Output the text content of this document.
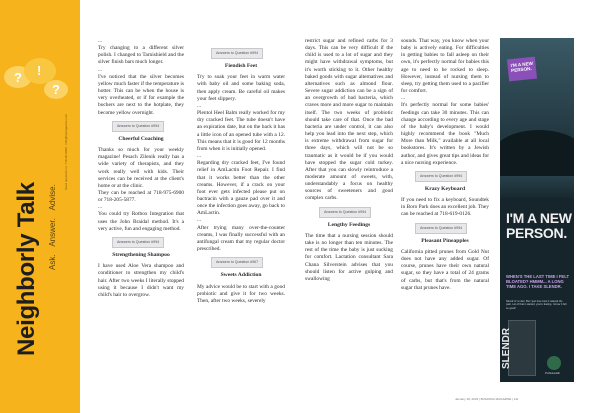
? !
?
Neighborly Talk Ask. Answer. Advise.
Send questions to: 718-00-0000 · info@bpmagazine.com

...

Try changing to a different silver polish. I changed to Tarnishield and the silver finish bars much longer.

...

I've noticed that the silver becomes yellow much faster if the temperature is hotter. This can be when the house is very overheated, or if for example the bochers are next to the hotplate, they become yellow overnight.

Answers to Question #994
Cheerful Coaching

Thanks so much for your weekly magazine! Pesach Zilenik really has a wide variety of therapists, and they work really well with kids. Their services can be received at the client's home or at the clinic.

They can be reached at 718-975-6900 or 718-205-5877.

...

You could try Rotbox Integration that uses the John Braidal method. It's a very active, fun and engaging method.

Answers to Question #994
Strengthening Shampoo

I have used Aloe Vera shampoo and conditioner to strengthen my child's hair. After two weeks I literally stopped using it because I didn't want my child's hair to overgrow.

Answers to Question #994
Fiendish Feet

Try to soak your feet in warm water with baby oil and some baking soda, then apply cream. Be careful oil makes your feet slippery.

...

Plentol Heel Balm really worked for my dry cracked feet. The tube doesn't have an expiration date, but on the back it has a little icon of an opened tube with a 12. This means that it is good for 12 months from when it is initially opened.

...

Regarding dry cracked feet, I've found relief in AmLactin Foot Repair. I find that it works better than the other creams. However, if a crack on your foot ever gets infected please put on bactracin with a gauze pad over it and once the infection goes away, go back to AmLactin.

...

After trying many over-the-counter creams, I was finally successful with an antifungal cream that my regular doctor prescribed.

Answers to Question #967
Sweets Addiction

My advice would be to start with a good probiotic and give it for two weeks. Then, after two weeks, severely

restrict sugar and refined carbs for 3 days. This can be very difficult if the child is used to a lot of sugar and they might have withdrawal symptoms, but it's worth sticking to it. Other healthy baked goods with sugar alternatives and alternatives such as almond flour. Severe sugar addiction can be a sign of an overgrowth of bad bacteria, which craves more and more sugar to maintain itself. The two weeks of probiotic should take care of that. Once the bad bacteria are under control, it can also help you lead into the next step, which is extreme withdrawal from sugar for three days, which will not be so traumatic as it would be if you would have stopped the sugar cold turkey. After that you can slowly reintroduce a moderate amount of sweets, with, understandably a focus on healthy sources of sweeteners and good complex carbs.

Answers to Question #994
Lengthy Feedings

The time that a nursing session should take is no longer than ten minutes. The rest of the time the baby is just sucking for comfort. Lactation consultant Sara Chana Silverstein advises that you should listen for active gulping and swallowing

sounds. That way, you know when your baby is actively eating. For difficulties in getting babies to fall asleep on their own, it's perfectly normal for babies this age to need to be rocked to sleep. However, instead of nursing them to sleep, try getting them used to a pacifier for comfort.

...

It's perfectly normal for some babies' feedings can take 30 minutes. This can change according to every age and stage of the baby's development. I would highly recommend the book "Much More than Milk," available at all local bookstores. It's written by a Jewish author, and gives great tips and ideas for a nice nursing experience.

Answers to Question #994
Krazy Keyboard

If you need to fix a keyboard, Soundtek in Boro Park does an excellent job. They can be reached at 718-619-0126.

Answers to Question #994
Pleasant Pineapples

California pitted prunes from Gold Nut does not have any added sugar. Of course, prunes have their own natural sugar, so they have a total of 24 grams of carbs, but that's from the natural sugar that prunes have.

I'M A NEW PERSON.
I'M A NEW PERSON.
WHEN'S THE LAST TIME I FELT BLOATED? HMMM... A LONG TIME AGO. I TAKE SLENDR.
Slendr in't a diet. But I just love how it relaxed the pain. Lot of that it started, you're feeling. I know it felt so good!
SLENDR
ProbioHealth
January 18, 2023 | BUILDING MAGAZINE | 111
